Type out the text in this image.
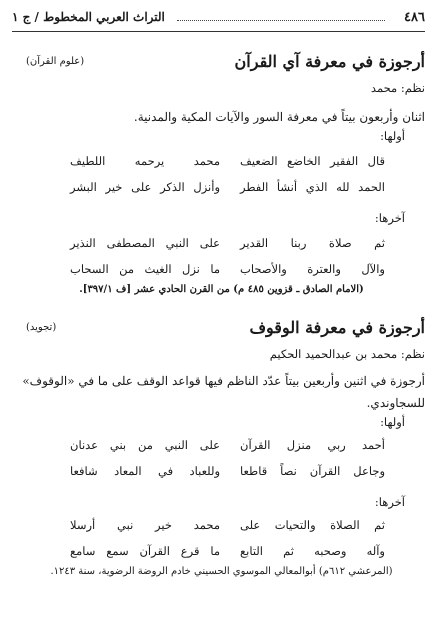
٤٨٦
التراث العربي المخطوط / ج ١
أرجوزة في معرفة آي القرآن
(علوم القرآن)
نظم: محمد
اثنان وأربعون بيتاً في معرفة السور والآيات المكية والمدنية.
أولها:
قال الفقير الخاضع الضعيف
محمد يرحمه اللطيف
الحمد لله الذي أنشأ الفطر
وأنزل الذكر على خير البشر
آخرها:
ثم صلاة ربنا القدير
على النبي المصطفى النذير
والآل والعترة والأصحاب
ما نزل الغيث من السحاب
(الامام الصادق ـ قزوين ٤٨٥ م) من القرن الحادي عشر [ف ٣٩٧/١].
أرجوزة في معرفة الوقوف
(تجويد)
نظم: محمد بن عبدالحميد الحكيم
أرجوزة في اثنين وأربعين بيتاً عدّد الناظم فيها قواعد الوقف على ما في «الوقوف»
للسجاوندي.
أولها:
أحمد ربي منزل القرآن
على النبي من بني عدنان
وجاعل القرآن نصاً قاطعا
وللعباد في المعاد شافعا
آخرها:
ثم الصلاة والتحيات على
محمد خير نبي أرسلا
وآله وصحبه ثم التابع
ما قرع القرآن سمع سامع
(المرعشي ٦١٢م) أبوالمعالي الموسوي الحسيني خادم الروضة الرضوية، سنة ١٢٤٣.
